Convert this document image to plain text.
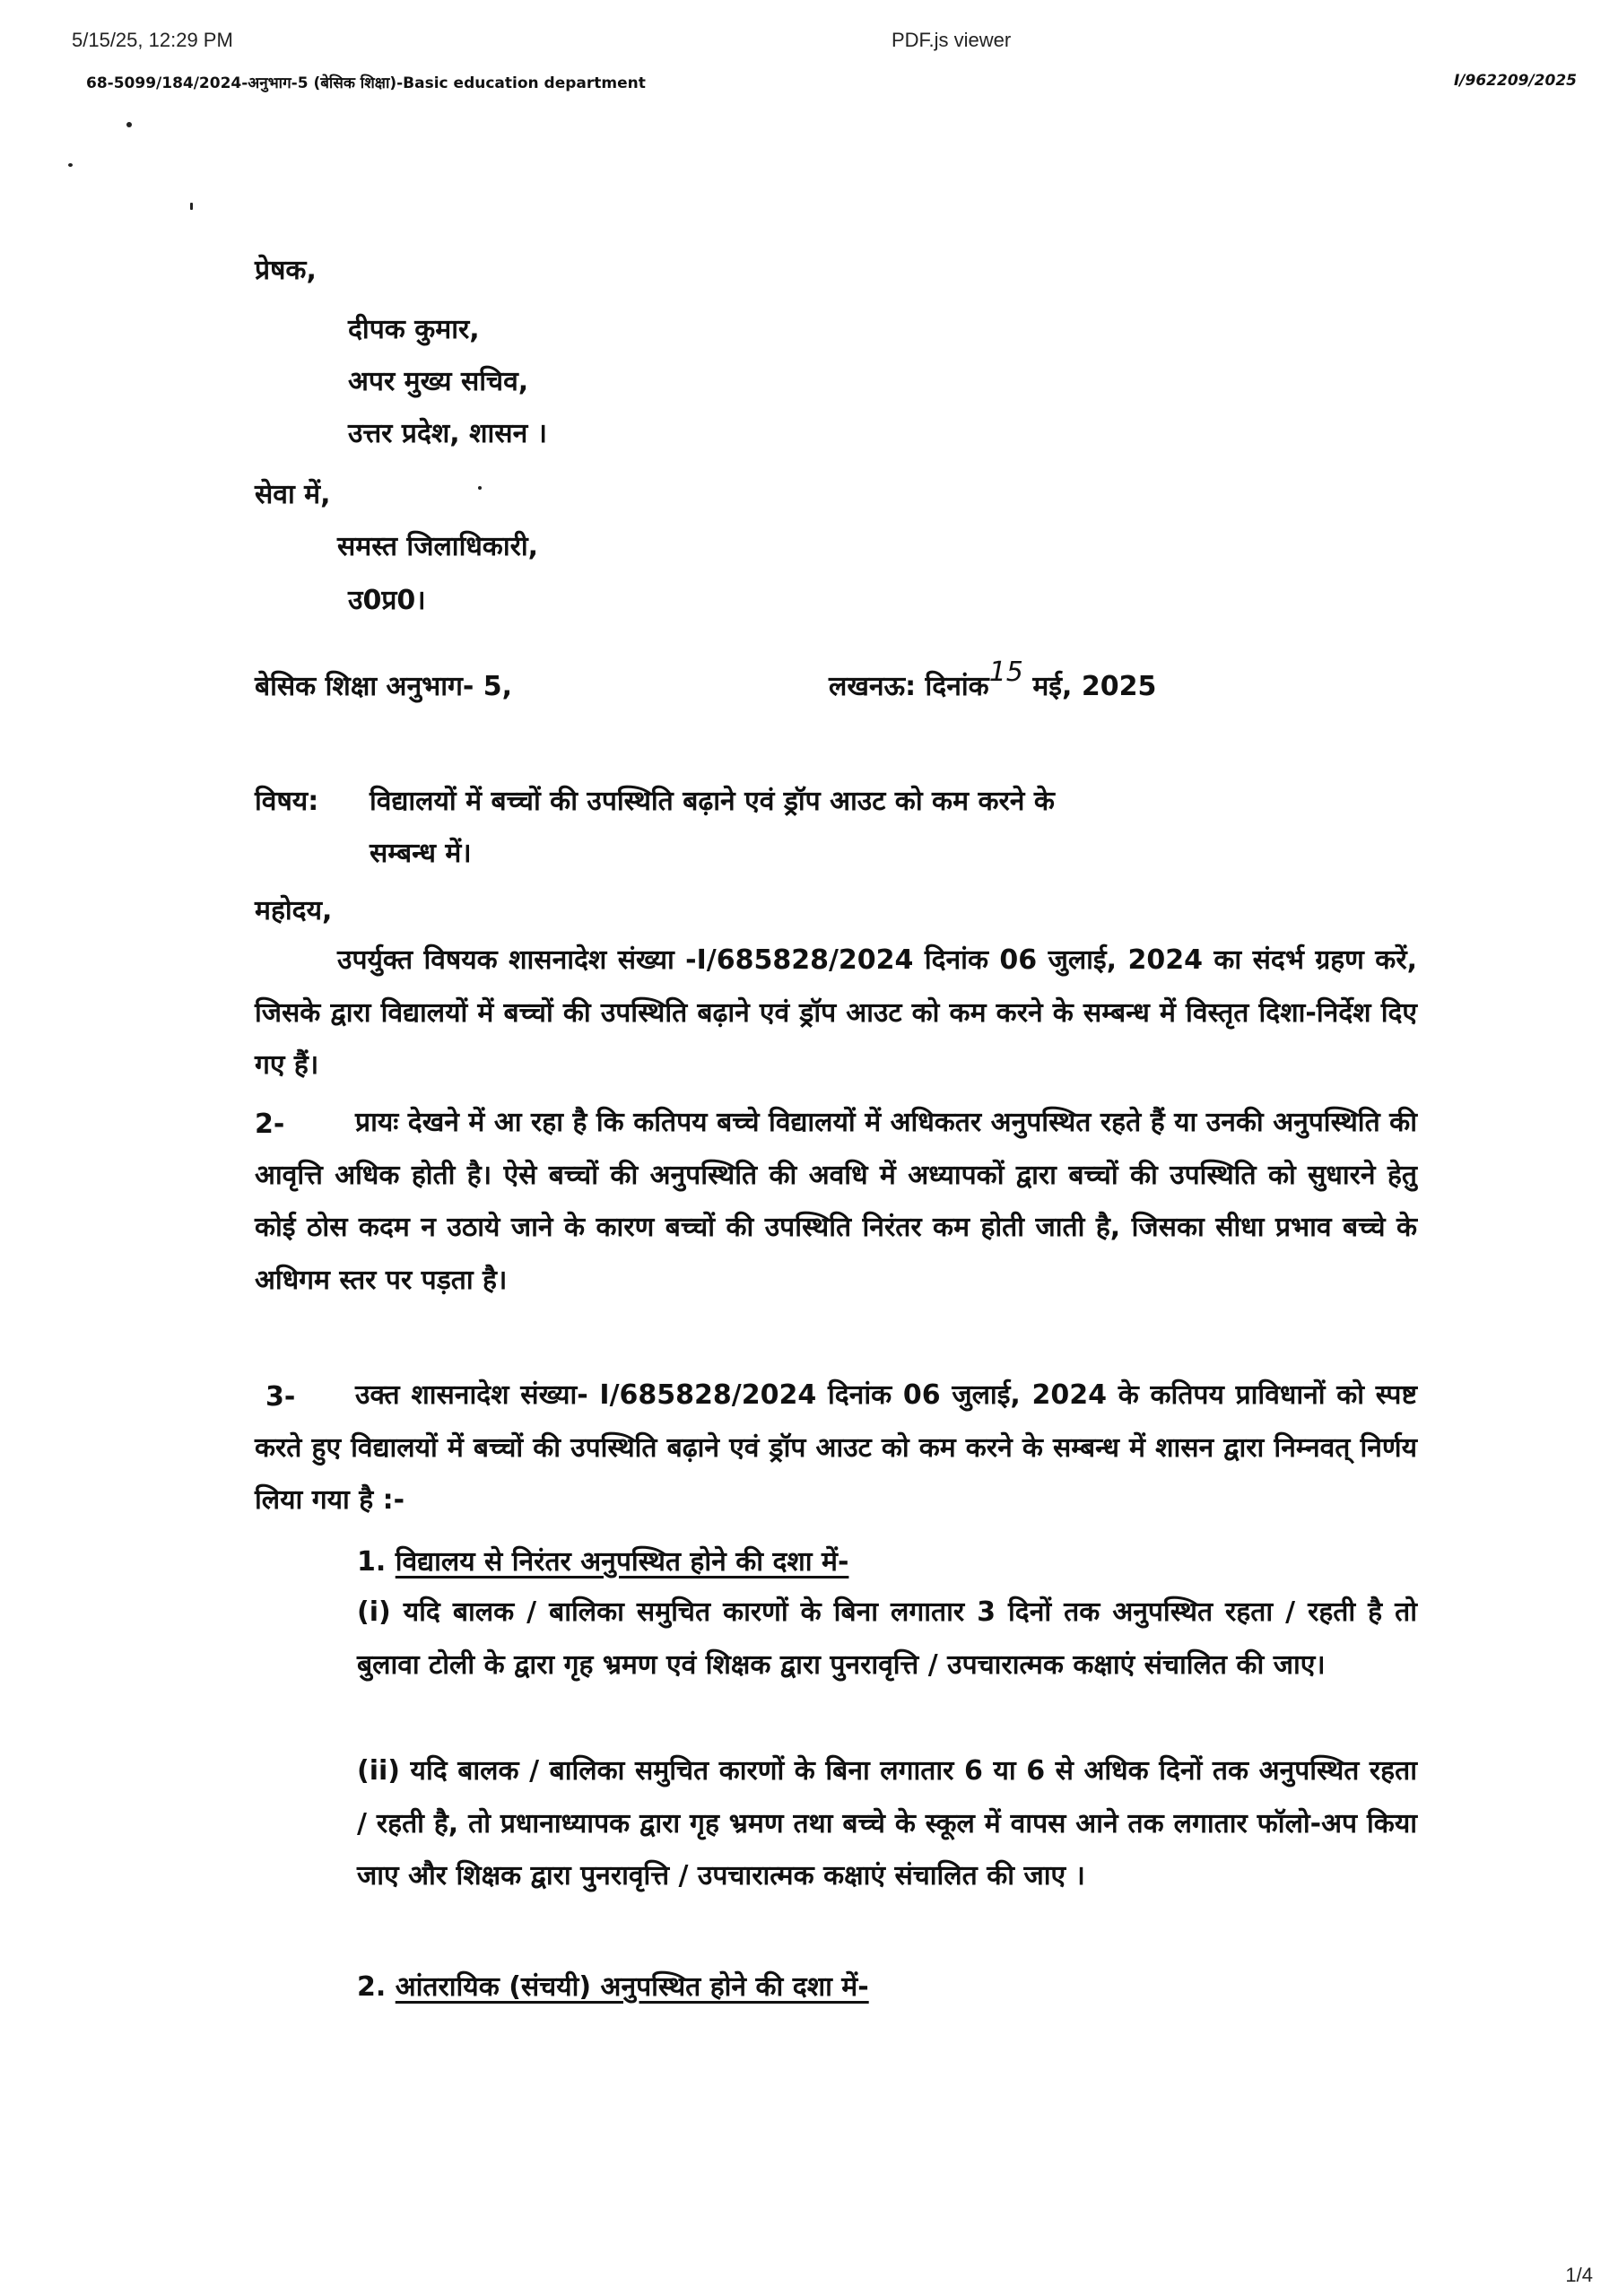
5/15/25, 12:29 PM	PDF.js viewer
68-5099/184/2024-अनुभाग-5 (बेसिक शिक्षा)-Basic education department	I/962209/2025
प्रेषक,
दीपक कुमार,
अपर मुख्य सचिव,
उत्तर प्रदेश, शासन ।
सेवा में,
समस्त जिलाधिकारी,
उ0प्र0।
बेसिक शिक्षा अनुभाग- 5,	लखनऊ: दिनांक15 मई, 2025
विषय: विद्यालयों में बच्चों की उपस्थिति बढ़ाने एवं ड्रॉप आउट को कम करने के
सम्बन्ध में।
महोदय,
उपर्युक्त विषयक शासनादेश संख्या -I/685828/2024 दिनांक 06 जुलाई, 2024 का संदर्भ ग्रहण करें, जिसके द्वारा विद्यालयों में बच्चों की उपस्थिति बढ़ाने एवं ड्रॉप आउट को कम करने के सम्बन्ध में विस्तृत दिशा-निर्देश दिए गए हैं।
2-	प्रायः देखने में आ रहा है कि कतिपय बच्चे विद्यालयों में अधिकतर अनुपस्थित रहते हैं या उनकी अनुपस्थिति की आवृत्ति अधिक होती है। ऐसे बच्चों की अनुपस्थिति की अवधि में अध्यापकों द्वारा बच्चों की उपस्थिति को सुधारने हेतु कोई ठोस कदम न उठाये जाने के कारण बच्चों की उपस्थिति निरंतर कम होती जाती है, जिसका सीधा प्रभाव बच्चे के अधिगम स्तर पर पड़ता है।
3-	उक्त शासनादेश संख्या- I/685828/2024 दिनांक 06 जुलाई, 2024 के कतिपय प्राविधानों को स्पष्ट करते हुए विद्यालयों में बच्चों की उपस्थिति बढ़ाने एवं ड्रॉप आउट को कम करने के सम्बन्ध में शासन द्वारा निम्नवत् निर्णय लिया गया है :-
1. विद्यालय से निरंतर अनुपस्थित होने की दशा में-
(i) यदि बालक / बालिका समुचित कारणों के बिना लगातार 3 दिनों तक अनुपस्थित रहता / रहती है तो बुलावा टोली के द्वारा गृह भ्रमण एवं शिक्षक द्वारा पुनरावृत्ति / उपचारात्मक कक्षाएं संचालित की जाए।
(ii) यदि बालक / बालिका समुचित कारणों के बिना लगातार 6 या 6 से अधिक दिनों तक अनुपस्थित रहता / रहती है, तो प्रधानाध्यापक द्वारा गृह भ्रमण तथा बच्चे के स्कूल में वापस आने तक लगातार फॉलो-अप किया जाए और शिक्षक द्वारा पुनरावृत्ति / उपचारात्मक कक्षाएं संचालित की जाए ।
2. आंतरायिक (संचयी) अनुपस्थित होने की दशा में-
1/4
